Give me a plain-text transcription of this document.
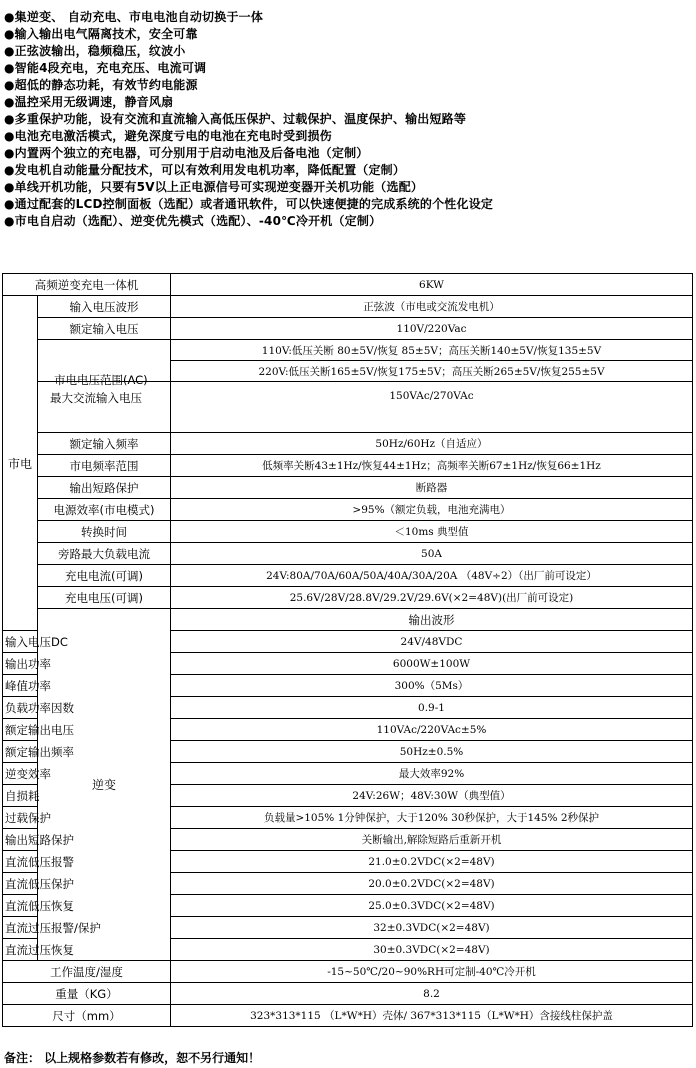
●集逆变、 自动充电、市电电池自动切换于一体
●输入输出电气隔离技术，安全可靠
●正弦波输出，稳频稳压，纹波小
●智能4段充电，充电充压、电流可调
●超低的静态功耗，有效节约电能源
●温控采用无级调速，静音风扇
●多重保护功能，设有交流和直流输入高低压保护、过载保护、温度保护、输出短路等
●电池充电激活模式，避免深度亏电的电池在充电时受到损伤
●内置两个独立的充电器，可分别用于启动电池及后备电池（定制）
●发电机自动能量分配技术，可以有效利用发电机功率，降低配置（定制）
●单线开机功能，只要有5V以上正电源信号可实现逆变器开关机功能（选配）
●通过配套的LCD控制面板（选配）或者通讯软件，可以快速便捷的完成系统的个性化设定
●市电自启动（选配）、逆变优先模式（选配）、-40℃冷开机（定制）
高频逆变充电一体机		6KW	
市电	输入电压波形	正弦波（市电或交流发电机）	
	额定输入电压	110V/220Vac	

	市电电压范围(AC)	110V:低压关断 80±5V/恢复 85±5V；高压关断140±5V/恢复135±5V	
		220V:低压关断165±5V/恢复175±5V；高压关断265±5V/恢复255±5V	
	最大交流输入电压	150VAc/270VAc	
	额定输入频率	50Hz/60Hz（自适应）	
	市电频率范围	低频率关断43±1Hz/恢复44±1Hz；高频率关断67±1Hz/恢复66±1Hz	
	输出短路保护	断路器	
	电源效率(市电模式)	>95%（额定负载，电池充满电）	
	转换时间	＜10ms 典型值	
	旁路最大负载电流	50A	
	充电电流(可调)	24V:80A/70A/60A/50A/40A/30A/20A （48V÷2）（出厂前可设定）	
	充电电压(可调)	25.6V/28V/28.8V/29.2V/29.6V(×2=48V)(出厂前可设定)	
	逆变	输出波形	
输入电压DC		24V/48VDC	
输出功率		6000W±100W	
峰值功率		300%（5Ms）	
负载功率因数		0.9-1	
额定输出电压		110VAc/220VAc±5%	
额定输出频率		50Hz±0.5%	
逆变效率		最大效率92%	
自损耗		24V:26W；48V:30W（典型值）	
过载保护		负载量>105% 1分钟保护，大于120% 30秒保护，大于145% 2秒保护	
输出短路保护		关断输出,解除短路后重新开机	
直流低压报警		21.0±0.2VDC(×2=48V)	
直流低压保护		20.0±0.2VDC(×2=48V)	
直流低压恢复		25.0±0.3VDC(×2=48V)	
直流过压报警/保护		32±0.3VDC(×2=48V)	
直流过压恢复		30±0.3VDC(×2=48V)	
工作温度/湿度		-15~50℃/20~90%RH可定制-40℃冷开机	
重量（KG）		8.2	
尺寸（mm）		323*313*115 （L*W*H）壳体/ 367*313*115（L*W*H）含接线柱保护盖	
备注： 以上规格参数若有修改，恕不另行通知！
